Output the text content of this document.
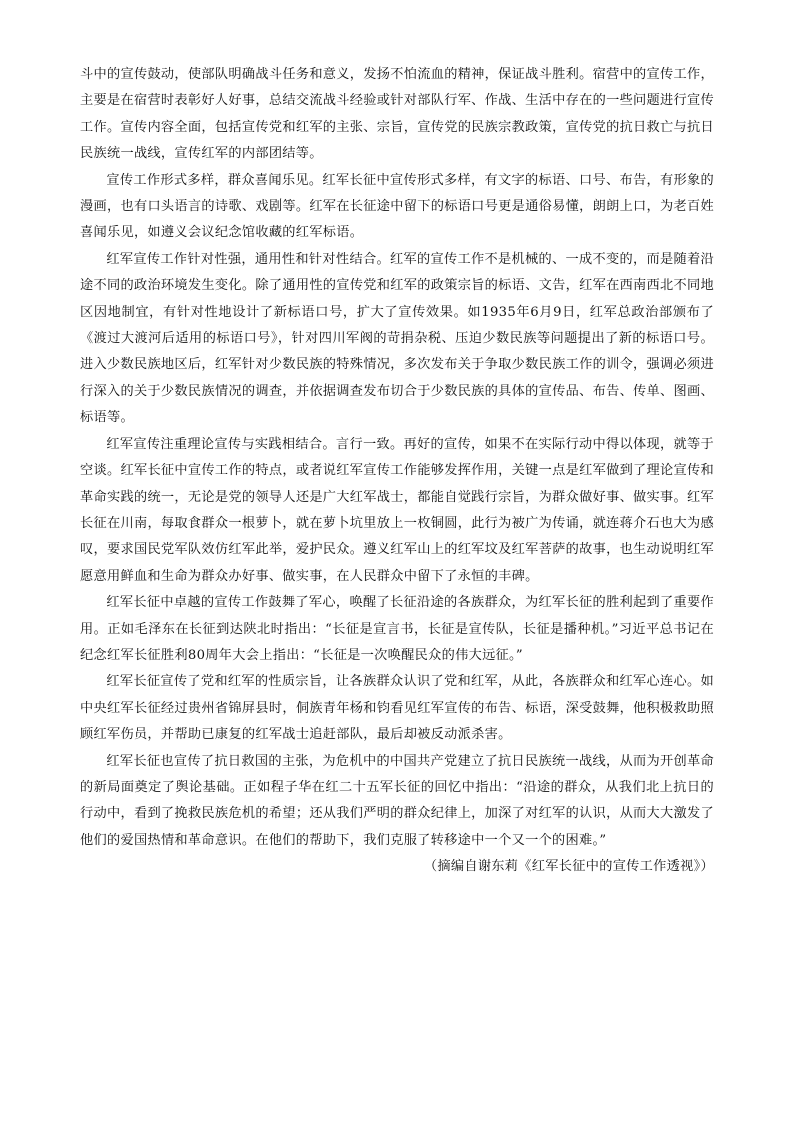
斗中的宣传鼓动，使部队明确战斗任务和意义，发扬不怕流血的精神，保证战斗胜利。宿营中的宣传工作，主要是在宿营时表彰好人好事，总结交流战斗经验或针对部队行军、作战、生活中存在的一些问题进行宣传工作。宣传内容全面，包括宣传党和红军的主张、宗旨，宣传党的民族宗教政策，宣传党的抗日救亡与抗日民族统一战线，宣传红军的内部团结等。

宣传工作形式多样，群众喜闻乐见。红军长征中宣传形式多样，有文字的标语、口号、布告，有形象的漫画，也有口头语言的诗歌、戏剧等。红军在长征途中留下的标语口号更是通俗易懂，朗朗上口，为老百姓喜闻乐见，如遵义会议纪念馆收藏的红军标语。

红军宣传工作针对性强，通用性和针对性结合。红军的宣传工作不是机械的、一成不变的，而是随着沿途不同的政治环境发生变化。除了通用性的宣传党和红军的政策宗旨的标语、文告，红军在西南西北不同地区因地制宜，有针对性地设计了新标语口号，扩大了宣传效果。如1935年6月9日，红军总政治部颁布了《渡过大渡河后适用的标语口号》，针对四川军阀的苛捐杂税、压迫少数民族等问题提出了新的标语口号。进入少数民族地区后，红军针对少数民族的特殊情况，多次发布关于争取少数民族工作的训令，强调必须进行深入的关于少数民族情况的调查，并依据调查发布切合于少数民族的具体的宣传品、布告、传单、图画、标语等。

红军宣传注重理论宣传与实践相结合。言行一致。再好的宣传，如果不在实际行动中得以体现，就等于空谈。红军长征中宣传工作的特点，或者说红军宣传工作能够发挥作用，关键一点是红军做到了理论宣传和革命实践的统一，无论是党的领导人还是广大红军战士，都能自觉践行宗旨，为群众做好事、做实事。红军长征在川南，每取食群众一根萝卜，就在萝卜坑里放上一枚铜圆，此行为被广为传诵，就连蒋介石也大为感叹，要求国民党军队效仿红军此举，爱护民众。遵义红军山上的红军坟及红军菩萨的故事，也生动说明红军愿意用鲜血和生命为群众办好事、做实事，在人民群众中留下了永恒的丰碑。

红军长征中卓越的宣传工作鼓舞了军心，唤醒了长征沿途的各族群众，为红军长征的胜利起到了重要作用。正如毛泽东在长征到达陕北时指出：“长征是宣言书，长征是宣传队，长征是播种机。”习近平总书记在纪念红军长征胜利80周年大会上指出：“长征是一次唤醒民众的伟大远征。”

红军长征宣传了党和红军的性质宗旨，让各族群众认识了党和红军，从此，各族群众和红军心连心。如中央红军长征经过贵州省锦屏县时，侗族青年杨和钧看见红军宣传的布告、标语，深受鼓舞，他积极救助照顾红军伤员，并帮助已康复的红军战士追赶部队，最后却被反动派杀害。

红军长征也宣传了抗日救国的主张，为危机中的中国共产党建立了抗日民族统一战线，从而为开创革命的新局面奠定了舆论基础。正如程子华在红二十五军长征的回忆中指出：“沿途的群众，从我们北上抗日的行动中，看到了挽救民族危机的希望；还从我们严明的群众纪律上，加深了对红军的认识，从而大大激发了他们的爱国热情和革命意识。在他们的帮助下，我们克服了转移途中一个又一个的困难。”

（摘编自谢东莉《红军长征中的宣传工作透视》）
